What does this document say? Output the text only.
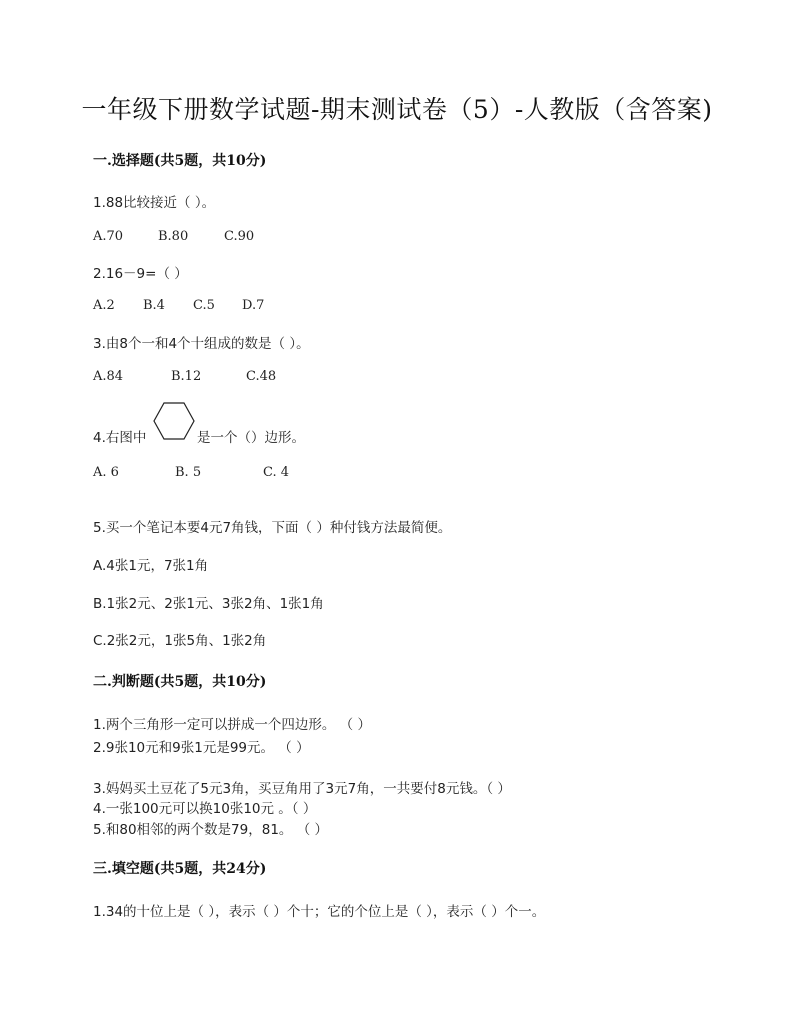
一年级下册数学试题-期末测试卷（5）-人教版（含答案)
一.选择题(共5题，共10分)
1.88比较接近（ ）。
A.70	B.80	C.90
2.16－9=（ ）
A.2 B.4 C.5 D.7
3.由8个一和4个十组成的数是（ ）。
A.84	B.12	C.48
4.右图中	是一个（）边形。
A. 6	B. 5	C. 4
5.买一个笔记本要4元7角钱，下面（ ）种付钱方法最简便。
A.4张1元，7张1角
B.1张2元、2张1元、3张2角、1张1角
C.2张2元，1张5角、1张2角
二.判断题(共5题，共10分)
1.两个三角形一定可以拼成一个四边形。 （ ）
2.9张10元和9张1元是99元。 （ ）
3.妈妈买土豆花了5元3角，买豆角用了3元7角，一共要付8元钱。（ ）
4.一张100元可以换10张10元 。（ ）
5.和80相邻的两个数是79，81。 （ ）
三.填空题(共5题，共24分)
1.34的十位上是（ ），表示（ ）个十；它的个位上是（ ），表示（ ）个一。
